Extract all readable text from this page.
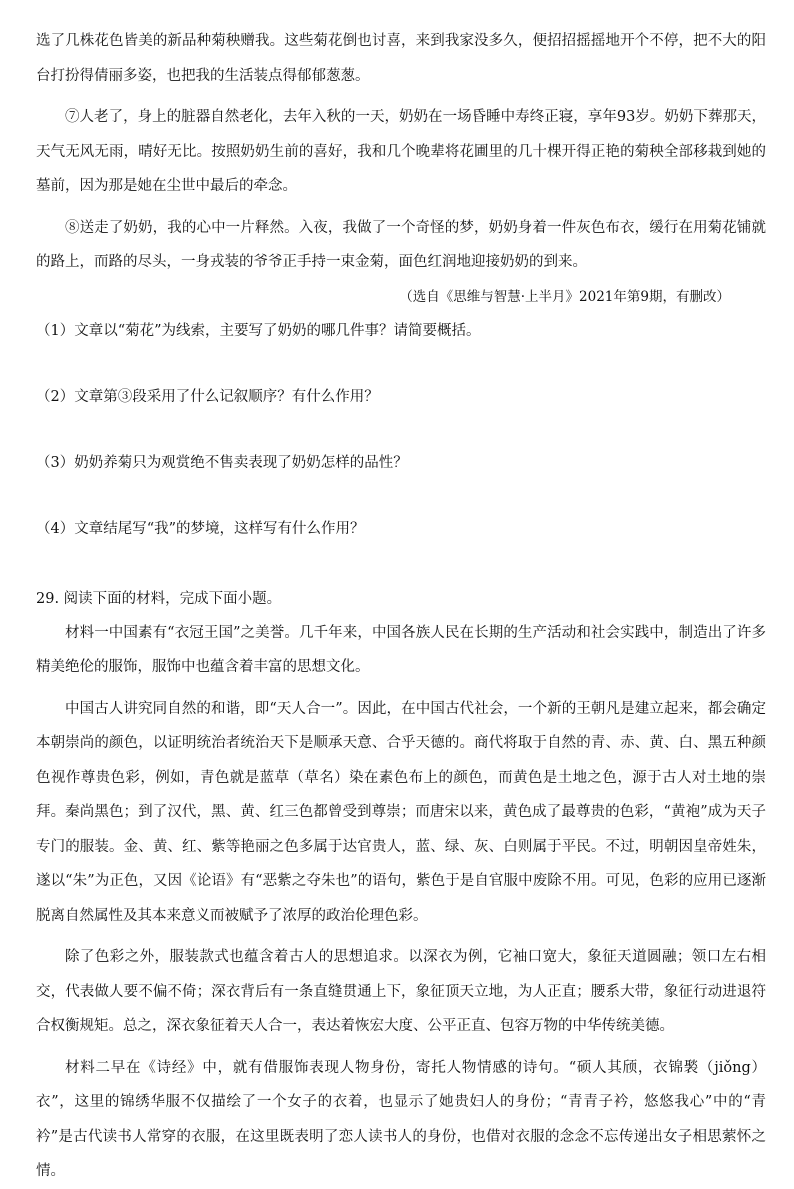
选了几株花色皆美的新品种菊秧赠我。这些菊花倒也讨喜，来到我家没多久，便招招摇摇地开个不停，把不大的阳台打扮得倩丽多姿，也把我的生活装点得郁郁葱葱。

⑦人老了，身上的脏器自然老化，去年入秋的一天，奶奶在一场昏睡中寿终正寝，享年93岁。奶奶下葬那天，天气无风无雨，晴好无比。按照奶奶生前的喜好，我和几个晚辈将花圃里的几十棵开得正艳的菊秧全部移栽到她的墓前，因为那是她在尘世中最后的牵念。

⑧送走了奶奶，我的心中一片释然。入夜，我做了一个奇怪的梦，奶奶身着一件灰色布衣，缓行在用菊花铺就的路上，而路的尽头，一身戎装的爷爷正手持一束金菊，面色红润地迎接奶奶的到来。

（选自《思维与智慧·上半月》2021年第9期，有删改）

（1）文章以“菊花”为线索，主要写了奶奶的哪几件事？请简要概括。

（2）文章第③段采用了什么记叙顺序？有什么作用？

（3）奶奶养菊只为观赏绝不售卖表现了奶奶怎样的品性？

（4）文章结尾写“我”的梦境，这样写有什么作用？

29. 阅读下面的材料，完成下面小题。

材料一中国素有“衣冠王国”之美誉。几千年来，中国各族人民在长期的生产活动和社会实践中，制造出了许多精美绝伦的服饰，服饰中也蕴含着丰富的思想文化。

中国古人讲究同自然的和谐，即“天人合一”。因此，在中国古代社会，一个新的王朝凡是建立起来，都会确定本朝崇尚的颜色，以证明统治者统治天下是顺承天意、合乎天德的。商代将取于自然的青、赤、黄、白、黑五种颜色视作尊贵色彩，例如，青色就是蓝草（草名）染在素色布上的颜色，而黄色是土地之色，源于古人对土地的崇拜。秦尚黑色；到了汉代，黑、黄、红三色都曾受到尊崇；而唐宋以来，黄色成了最尊贵的色彩，“黄袍”成为天子专门的服装。金、黄、红、紫等艳丽之色多属于达官贵人，蓝、绿、灰、白则属于平民。不过，明朝因皇帝姓朱，遂以“朱”为正色，又因《论语》有“恶紫之夺朱也”的语句，紫色于是自官服中废除不用。可见，色彩的应用已逐渐脱离自然属性及其本来意义而被赋予了浓厚的政治伦理色彩。

除了色彩之外，服装款式也蕴含着古人的思想追求。以深衣为例，它袖口宽大，象征天道圆融；领口左右相交，代表做人要不偏不倚；深衣背后有一条直缝贯通上下，象征顶天立地，为人正直；腰系大带，象征行动进退符合权衡规矩。总之，深衣象征着天人合一，表达着恢宏大度、公平正直、包容万物的中华传统美德。

材料二早在《诗经》中，就有借服饰表现人物身份，寄托人物情感的诗句。“硕人其颀，衣锦褧（jiǒng）衣”，这里的锦绣华服不仅描绘了一个女子的衣着，也显示了她贵妇人的身份；“青青子衿，悠悠我心”中的“青衿”是古代读书人常穿的衣服，在这里既表明了恋人读书人的身份，也借对衣服的念念不忘传递出女子相思萦怀之情。
